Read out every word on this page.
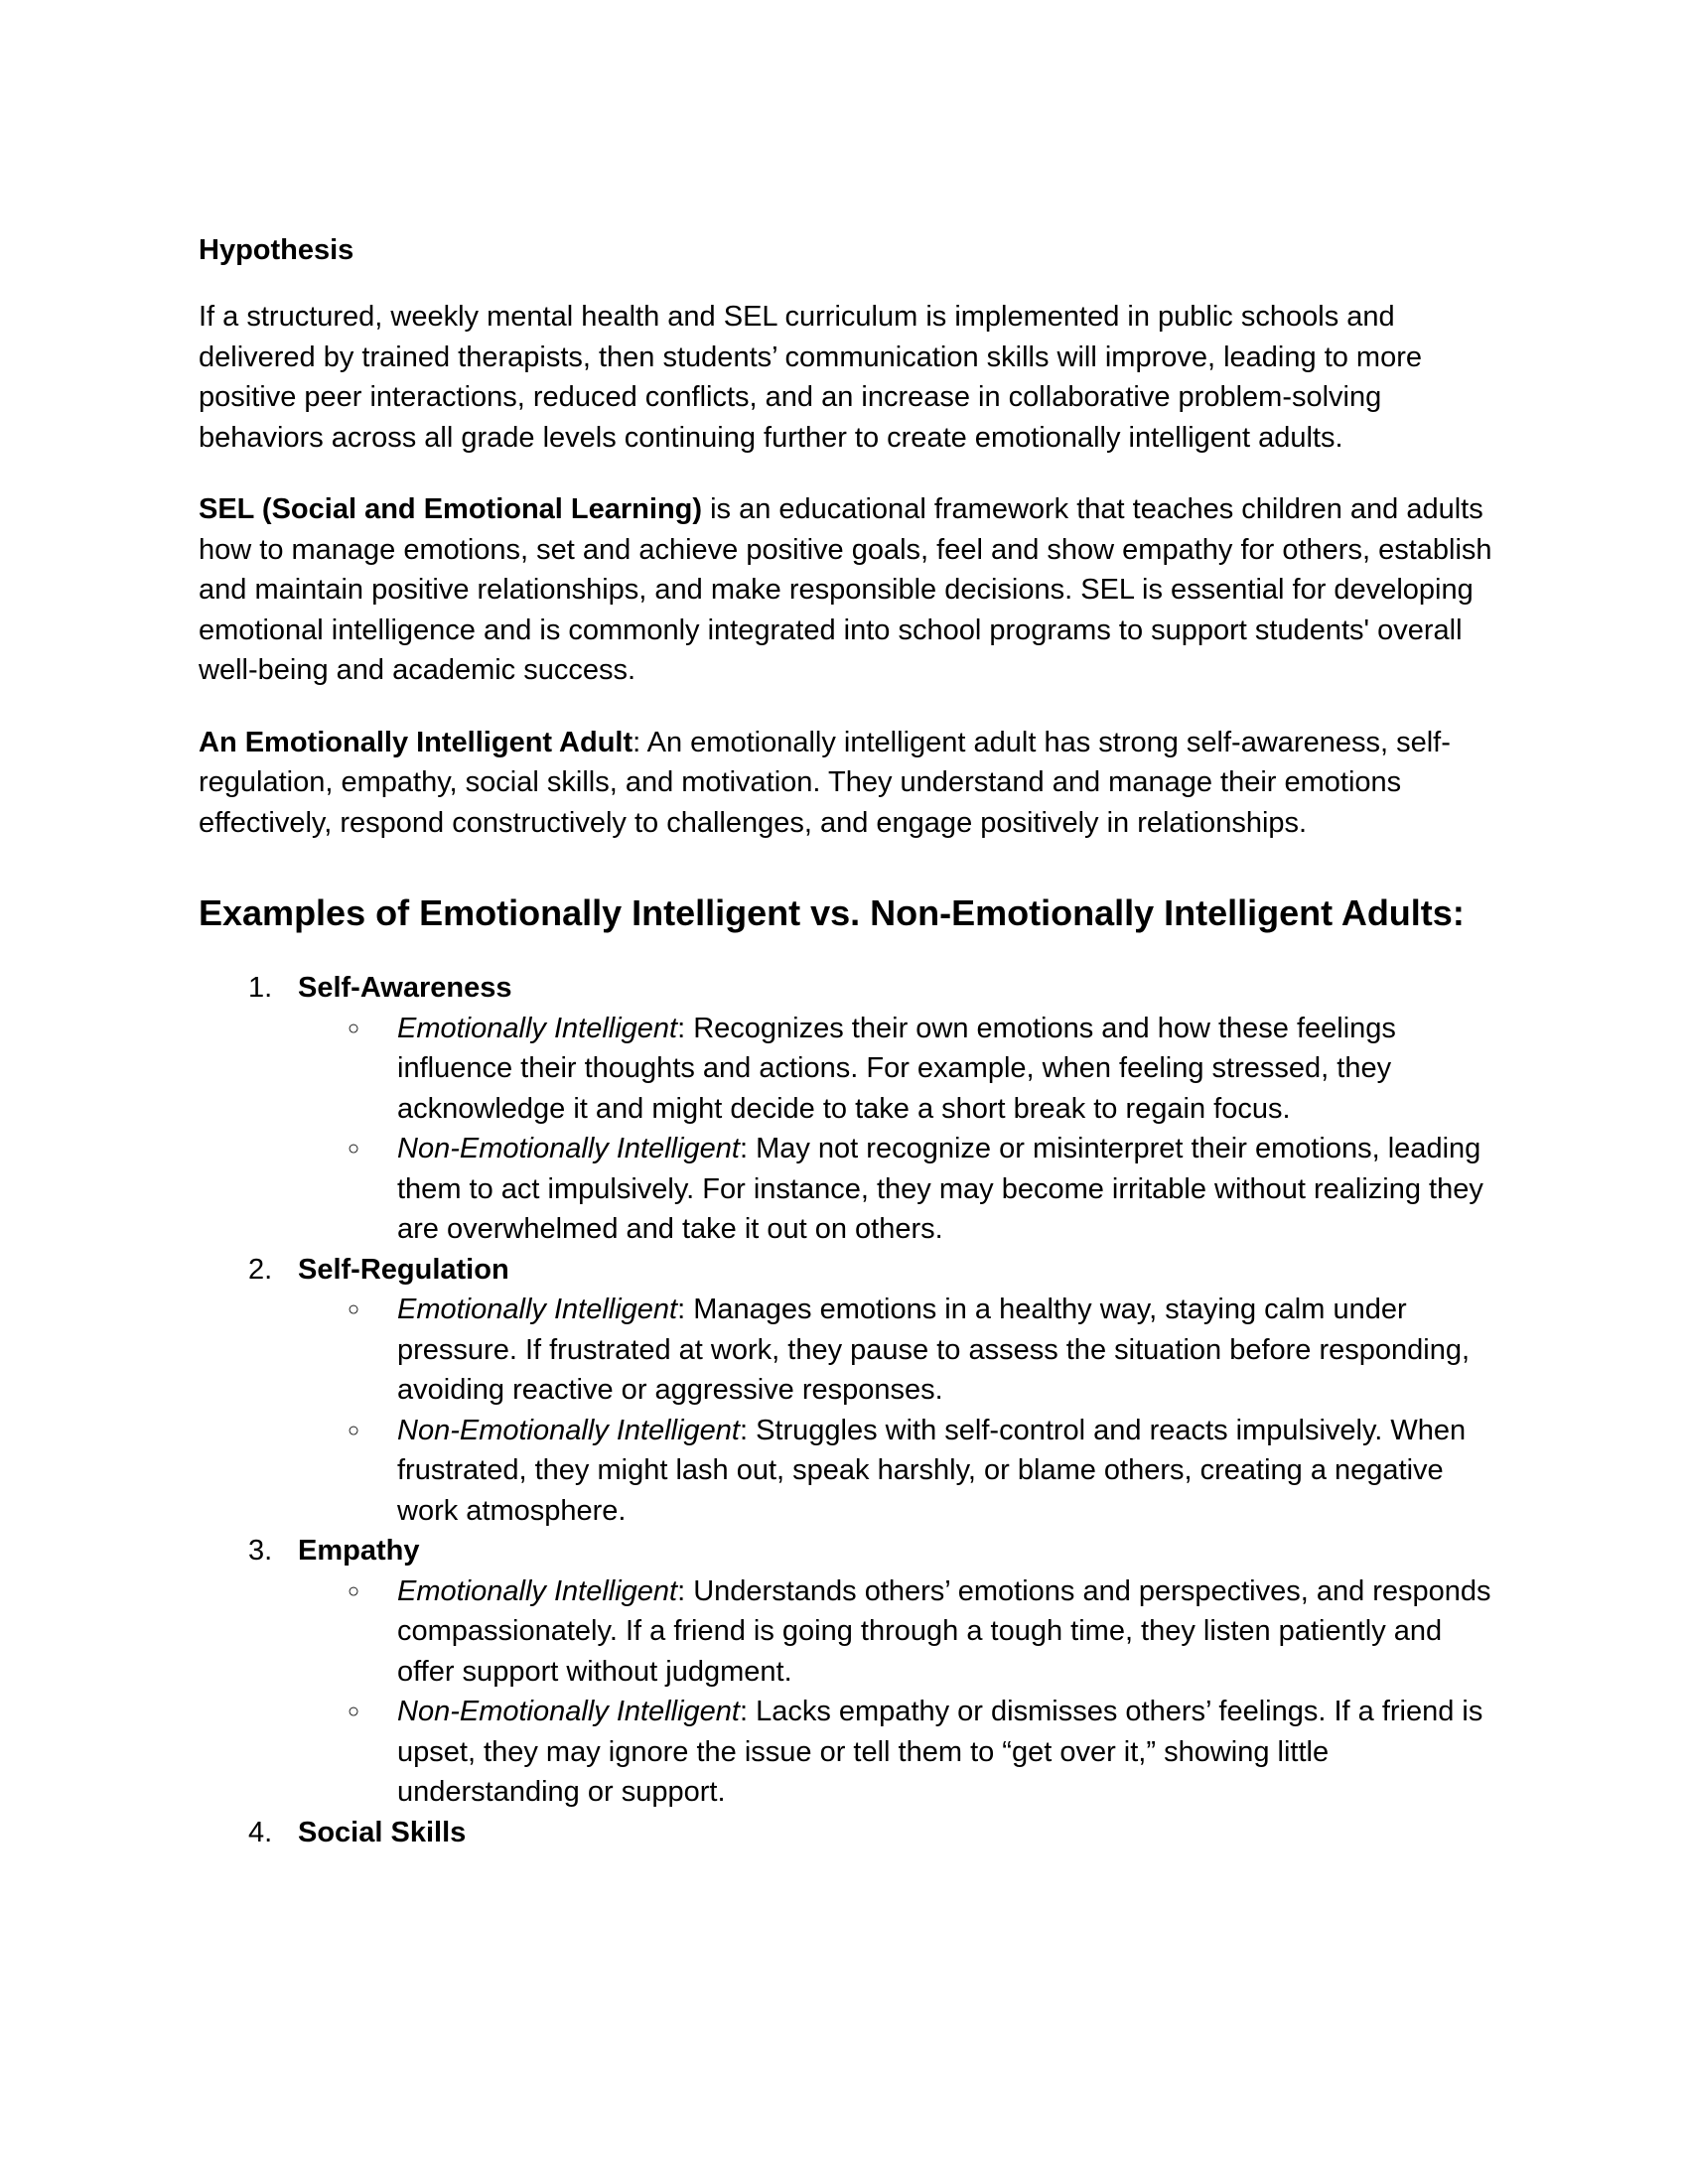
Hypothesis

If a structured, weekly mental health and SEL curriculum is implemented in public schools and delivered by trained therapists, then students’ communication skills will improve, leading to more positive peer interactions, reduced conflicts, and an increase in collaborative problem-solving behaviors across all grade levels continuing further to create emotionally intelligent adults.

SEL (Social and Emotional Learning) is an educational framework that teaches children and adults how to manage emotions, set and achieve positive goals, feel and show empathy for others, establish and maintain positive relationships, and make responsible decisions. SEL is essential for developing emotional intelligence and is commonly integrated into school programs to support students' overall well-being and academic success.

An Emotionally Intelligent Adult: An emotionally intelligent adult has strong self-awareness, self-regulation, empathy, social skills, and motivation. They understand and manage their emotions effectively, respond constructively to challenges, and engage positively in relationships.

Examples of Emotionally Intelligent vs. Non-Emotionally Intelligent Adults:
1. Self-Awareness
○ Emotionally Intelligent: Recognizes their own emotions and how these feelings influence their thoughts and actions. For example, when feeling stressed, they acknowledge it and might decide to take a short break to regain focus.
○ Non-Emotionally Intelligent: May not recognize or misinterpret their emotions, leading them to act impulsively. For instance, they may become irritable without realizing they are overwhelmed and take it out on others.
2. Self-Regulation
○ Emotionally Intelligent: Manages emotions in a healthy way, staying calm under pressure. If frustrated at work, they pause to assess the situation before responding, avoiding reactive or aggressive responses.
○ Non-Emotionally Intelligent: Struggles with self-control and reacts impulsively. When frustrated, they might lash out, speak harshly, or blame others, creating a negative work atmosphere.
3. Empathy
○ Emotionally Intelligent: Understands others’ emotions and perspectives, and responds compassionately. If a friend is going through a tough time, they listen patiently and offer support without judgment.
○ Non-Emotionally Intelligent: Lacks empathy or dismisses others’ feelings. If a friend is upset, they may ignore the issue or tell them to “get over it,” showing little understanding or support.
4. Social Skills
